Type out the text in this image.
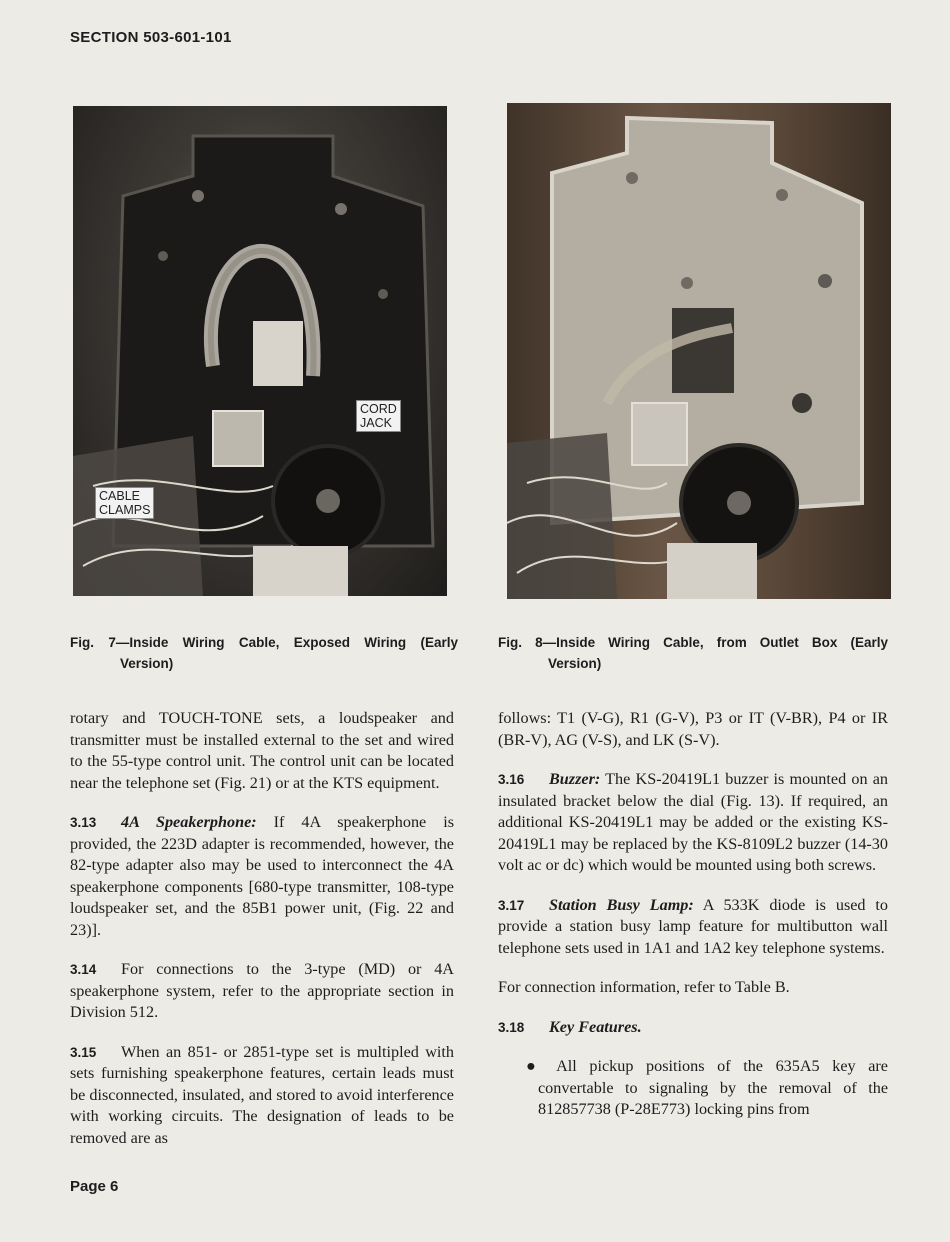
SECTION 503-601-101
CORD
JACK
CABLE
CLAMPS
Fig. 7—Inside Wiring Cable, Exposed Wiring (Early
Version)
Fig. 8—Inside Wiring Cable, from Outlet Box (Early
Version)

rotary and TOUCH-TONE sets, a loudspeaker and transmitter must be installed external to the set and wired to the 55-type control unit. The control unit can be located near the telephone set (Fig. 21) or at the KTS equipment.

3.13 4A Speakerphone: If 4A speakerphone is provided, the 223D adapter is recommended, however, the 82-type adapter also may be used to interconnect the 4A speakerphone components [680-type transmitter, 108-type loudspeaker set, and the 85B1 power unit, (Fig. 22 and 23)].

3.14 For connections to the 3-type (MD) or 4A speakerphone system, refer to the appropriate section in Division 512.

3.15 When an 851- or 2851-type set is multipled with sets furnishing speakerphone features, certain leads must be disconnected, insulated, and stored to avoid interference with working circuits. The designation of leads to be removed are as

follows: T1 (V-G), R1 (G-V), P3 or IT (V-BR), P4 or IR (BR-V), AG (V-S), and LK (S-V).

3.16 Buzzer: The KS-20419L1 buzzer is mounted on an insulated bracket below the dial (Fig. 13). If required, an additional KS-20419L1 may be added or the existing KS-20419L1 may be replaced by the KS-8109L2 buzzer (14-30 volt ac or dc) which would be mounted using both screws.

3.17 Station Busy Lamp: A 533K diode is used to provide a station busy lamp feature for multibutton wall telephone sets used in 1A1 and 1A2 key telephone systems.

For connection information, refer to Table B.

3.18 Key Features.

● All pickup positions of the 635A5 key are convertable to signaling by the removal of the 812857738 (P-28E773) locking pins from

Page 6
